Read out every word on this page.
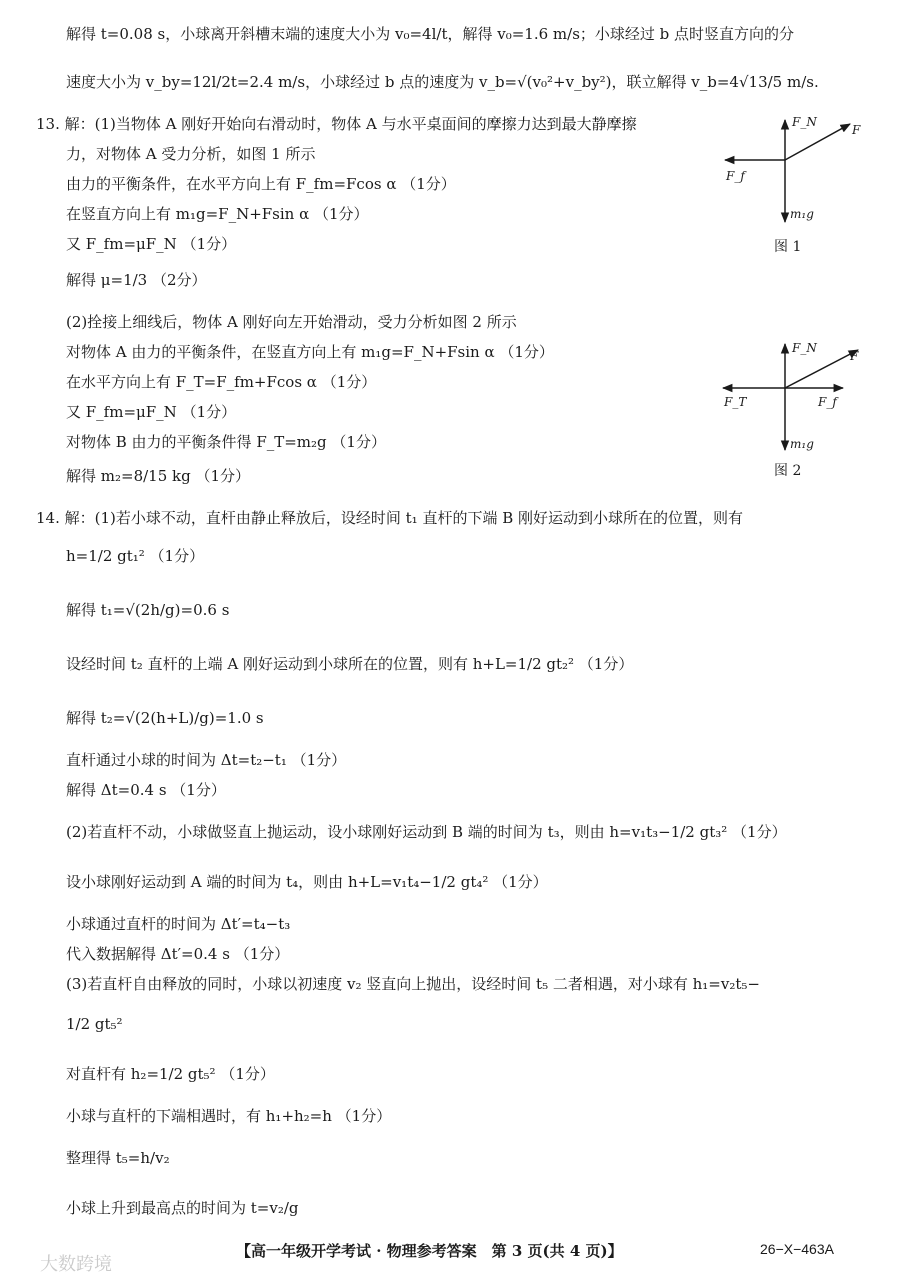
解得 t=0.08 s，小球离开斜槽末端的速度大小为 v₀=4l/t，解得 v₀=1.6 m/s；小球经过 b 点时竖直方向的分
速度大小为 v_by=12l/2t=2.4 m/s，小球经过 b 点的速度为 v_b=√(v₀²+v_by²)，联立解得 v_b=4√13/5 m/s.
13. 解：(1)当物体 A 刚好开始向右滑动时，物体 A 与水平桌面间的摩擦力达到最大静摩擦
力，对物体 A 受力分析，如图 1 所示
由力的平衡条件，在水平方向上有 F_fm=Fcos α （1分）
在竖直方向上有 m₁g=F_N+Fsin α （1分）
又 F_fm=μF_N （1分）
解得 μ=1/3 （2分）
(2)拴接上细线后，物体 A 刚好向左开始滑动，受力分析如图 2 所示
对物体 A 由力的平衡条件，在竖直方向上有 m₁g=F_N+Fsin α （1分）
在水平方向上有 F_T=F_fm+Fcos α （1分）
又 F_fm=μF_N （1分）
对物体 B 由力的平衡条件得 F_T=m₂g （1分）
解得 m₂=8/15 kg （1分）
F_N
F
F_f
m₁g
图 1
F_N
F
F_T	F_f
m₁g
图 2
14. 解：(1)若小球不动，直杆由静止释放后，设经时间 t₁ 直杆的下端 B 刚好运动到小球所在的位置，则有
h=1/2 gt₁² （1分）
解得 t₁=√(2h/g)=0.6 s
设经时间 t₂ 直杆的上端 A 刚好运动到小球所在的位置，则有 h+L=1/2 gt₂² （1分）
解得 t₂=√(2(h+L)/g)=1.0 s
直杆通过小球的时间为 Δt=t₂−t₁ （1分）
解得 Δt=0.4 s （1分）
(2)若直杆不动，小球做竖直上抛运动，设小球刚好运动到 B 端的时间为 t₃，则由 h=v₁t₃−1/2 gt₃² （1分）
设小球刚好运动到 A 端的时间为 t₄，则由 h+L=v₁t₄−1/2 gt₄² （1分）
小球通过直杆的时间为 Δt′=t₄−t₃
代入数据解得 Δt′=0.4 s （1分）
(3)若直杆自由释放的同时，小球以初速度 v₂ 竖直向上抛出，设经时间 t₅ 二者相遇，对小球有 h₁=v₂t₅−
1/2 gt₅²
对直杆有 h₂=1/2 gt₅² （1分）
小球与直杆的下端相遇时，有 h₁+h₂=h （1分）
整理得 t₅=h/v₂
小球上升到最高点的时间为 t=v₂/g
【高一年级开学考试 · 物理参考答案　第 3 页(共 4 页)】	26−X−463A
大数跨境
